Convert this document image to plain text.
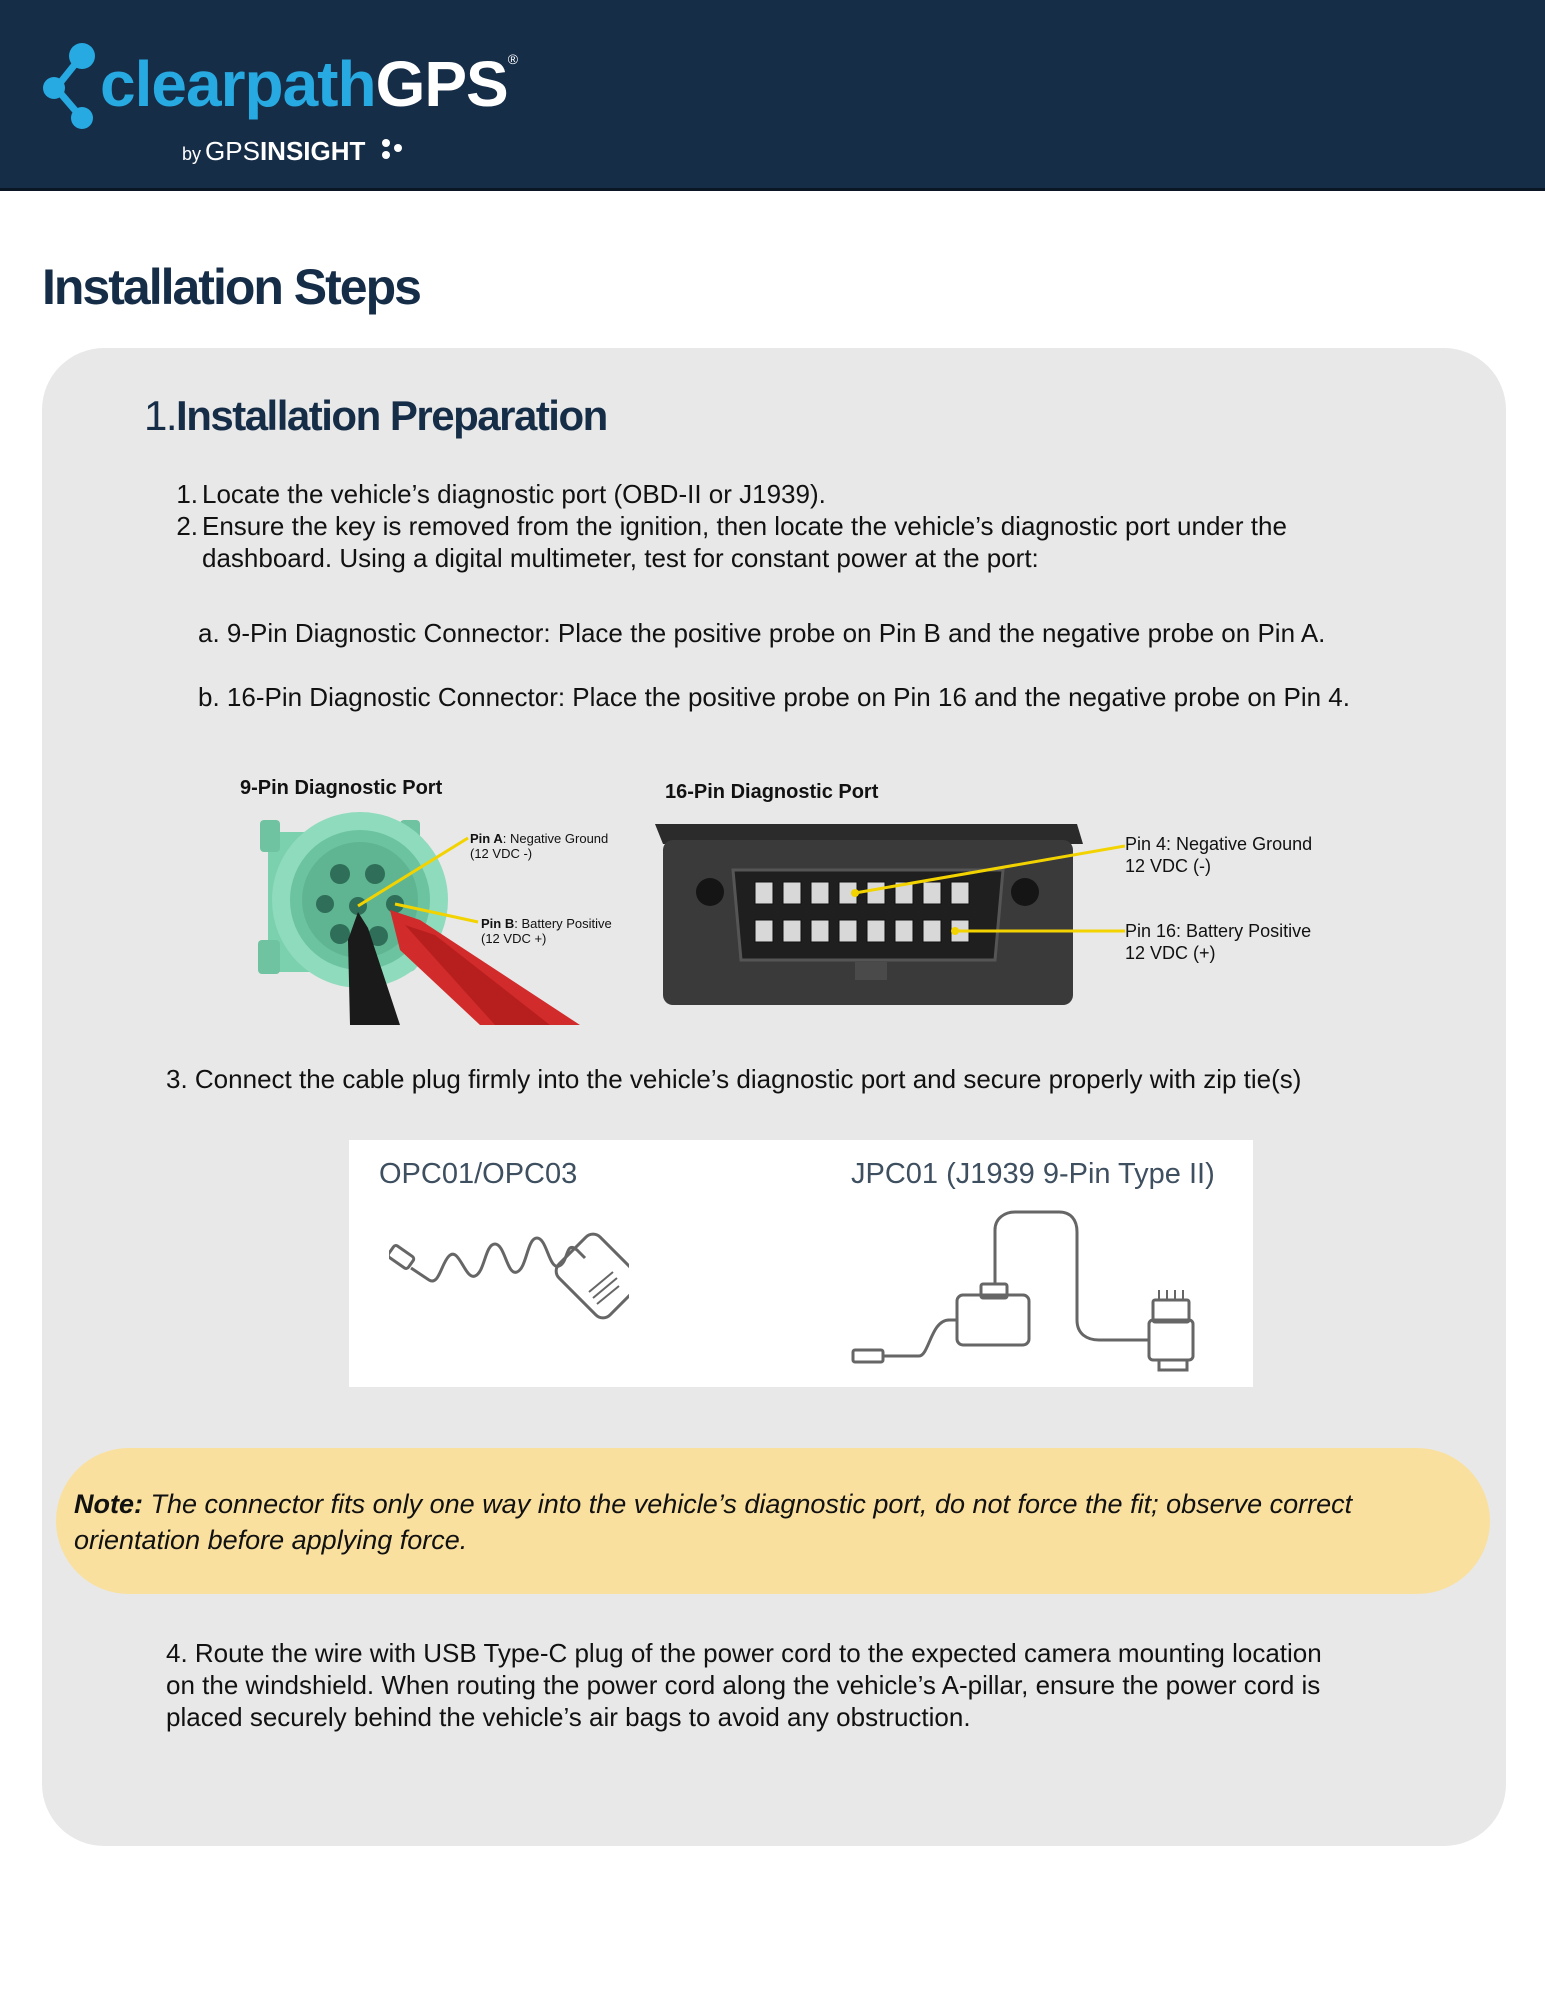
clearpathGPS®
by GPSINSIGHT
Installation Steps
1.Installation Preparation

1. Locate the vehicle’s diagnostic port (OBD-II or J1939).

2. Ensure the key is removed from the ignition, then locate the vehicle’s diagnostic port under the

dashboard. Using a digital multimeter, test for constant power at the port:

a. 9-Pin Diagnostic Connector: Place the positive probe on Pin B and the negative probe on Pin A.

b. 16-Pin Diagnostic Connector: Place the positive probe on Pin 16 and the negative probe on Pin 4.

9-Pin Diagnostic Port
Pin A: Negative Ground
(12 VDC -)
Pin B: Battery Positive
(12 VDC +)
16-Pin Diagnostic Port
Pin 4: Negative Ground
12 VDC (-)
Pin 16: Battery Positive
12 VDC (+)

3. Connect the cable plug firmly into the vehicle’s diagnostic port and secure properly with zip tie(s)

OPC01/OPC03	JPC01 (J1939 9-Pin Type II)

Note: The connector fits only one way into the vehicle’s diagnostic port, do not force the fit; observe correct orientation before applying force.

4. Route the wire with USB Type-C plug of the power cord to the expected camera mounting location

on the windshield. When routing the power cord along the vehicle’s A-pillar, ensure the power cord is

placed securely behind the vehicle’s air bags to avoid any obstruction.
